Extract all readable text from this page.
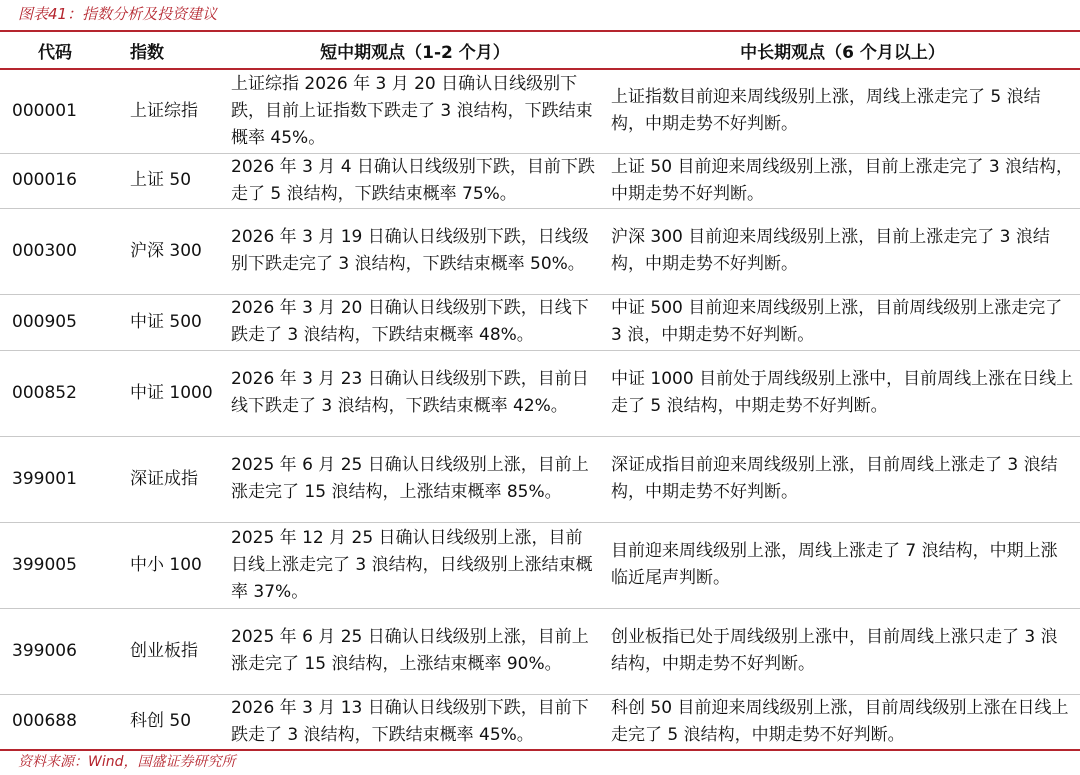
图表41：指数分析及投资建议
代码	指数	短中期观点（1-2 个月）	中长期观点（6 个月以上）
000001	上证综指	上证综指 2026 年 3 月 20 日确认日线级别下跌，目前上证指数下跌走了 3 浪结构，下跌结束概率 45%。	上证指数目前迎来周线级别上涨，周线上涨走完了 5 浪结构，中期走势不好判断。
000016	上证 50	2026 年 3 月 4 日确认日线级别下跌，目前下跌走了 5 浪结构，下跌结束概率 75%。	上证 50 目前迎来周线级别上涨，目前上涨走完了 3 浪结构，中期走势不好判断。
000300	沪深 300	2026 年 3 月 19 日确认日线级别下跌，日线级别下跌走完了 3 浪结构，下跌结束概率 50%。	沪深 300 目前迎来周线级别上涨，目前上涨走完了 3 浪结构，中期走势不好判断。
000905	中证 500	2026 年 3 月 20 日确认日线级别下跌，日线下跌走了 3 浪结构，下跌结束概率 48%。	中证 500 目前迎来周线级别上涨，目前周线级别上涨走完了 3 浪，中期走势不好判断。
000852	中证 1000	2026 年 3 月 23 日确认日线级别下跌，目前日线下跌走了 3 浪结构，下跌结束概率 42%。	中证 1000 目前处于周线级别上涨中，目前周线上涨在日线上走了 5 浪结构，中期走势不好判断。
399001	深证成指	2025 年 6 月 25 日确认日线级别上涨，目前上涨走完了 15 浪结构，上涨结束概率 85%。	深证成指目前迎来周线级别上涨，目前周线上涨走了 3 浪结构，中期走势不好判断。
399005	中小 100	2025 年 12 月 25 日确认日线级别上涨，目前日线上涨走完了 3 浪结构，日线级别上涨结束概率 37%。	目前迎来周线级别上涨，周线上涨走了 7 浪结构，中期上涨临近尾声判断。
399006	创业板指	2025 年 6 月 25 日确认日线级别上涨，目前上涨走完了 15 浪结构，上涨结束概率 90%。	创业板指已处于周线级别上涨中，目前周线上涨只走了 3 浪结构，中期走势不好判断。
000688	科创 50	2026 年 3 月 13 日确认日线级别下跌，目前下跌走了 3 浪结构，下跌结束概率 45%。	科创 50 目前迎来周线级别上涨，目前周线级别上涨在日线上走完了 5 浪结构，中期走势不好判断。
资料来源：Wind，国盛证券研究所
